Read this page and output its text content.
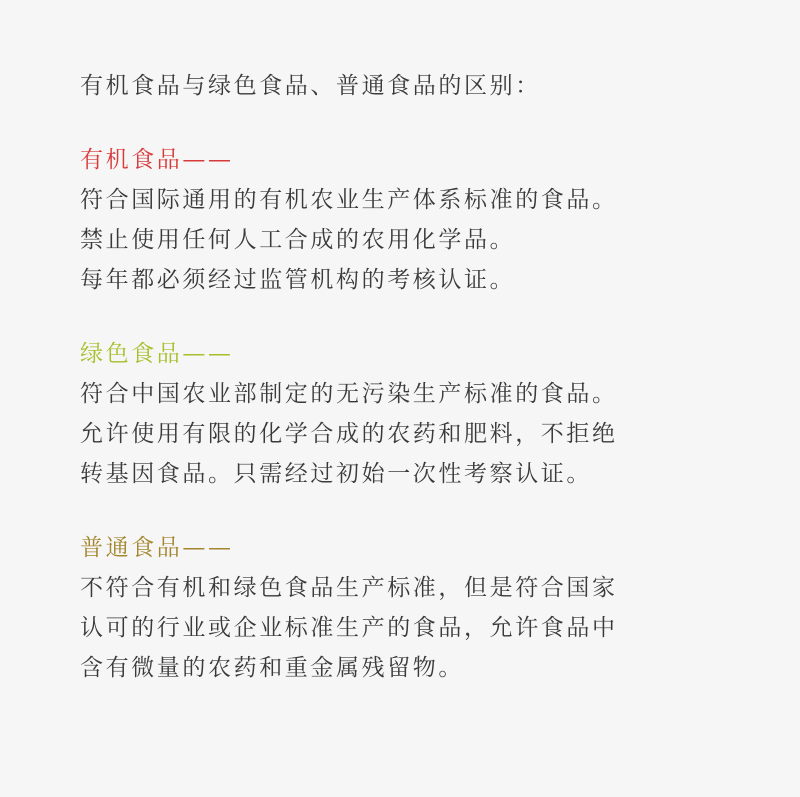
有机食品与绿色食品、普通食品的区别：

有机食品——

符合国际通用的有机农业生产体系标准的食品。

禁止使用任何人工合成的农用化学品。

每年都必须经过监管机构的考核认证。

绿色食品——

符合中国农业部制定的无污染生产标准的食品。

允许使用有限的化学合成的农药和肥料，不拒绝

转基因食品。只需经过初始一次性考察认证。

普通食品——

不符合有机和绿色食品生产标准，但是符合国家

认可的行业或企业标准生产的食品，允许食品中

含有微量的农药和重金属残留物。
